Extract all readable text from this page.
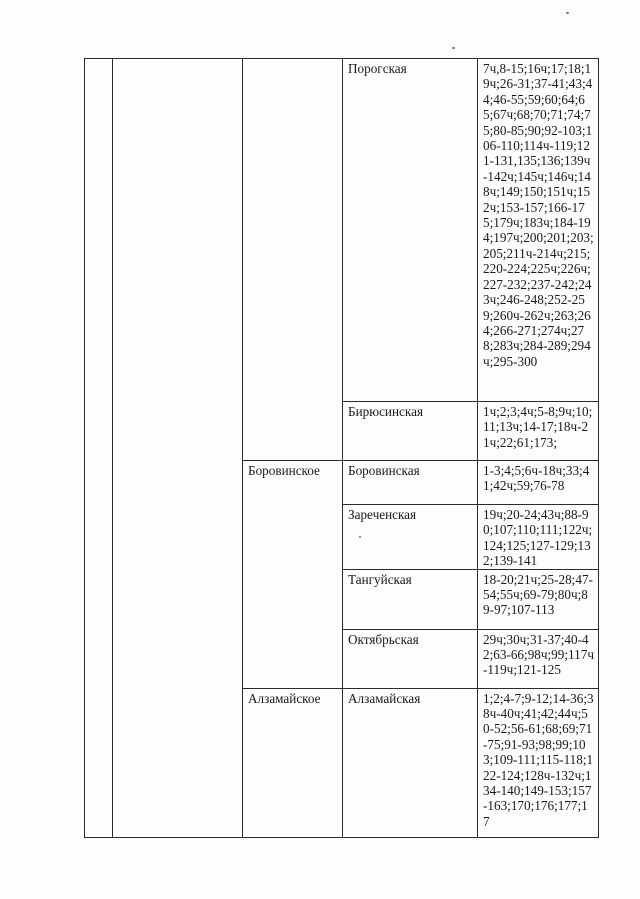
			Порогская	7ч,8-15;16ч;17;18;19ч;26-31;37-41;43;44;46-55;59;60;64;65;67ч;68;70;71;74;75;80-85;90;92-103;106-110;114ч-119;121-131,135;136;139ч-142ч;145ч;146ч;148ч;149;150;151ч;152ч;153-157;166-175;179ч;183ч;184-194;197ч;200;201;203;205;211ч-214ч;215;220-224;225ч;226ч;227-232;237-242;243ч;246-248;252-259;260ч-262ч;263;264;266-271;274ч;278;283ч;284-289;294ч;295-300

			Бирюсинская	1ч;2;3;4ч;5-8;9ч;10;11;13ч;14-17;18ч-21ч;22;61;173;

		Боровинское	Боровинская	1-3;4;5;6ч-18ч;33;41;42ч;59;76-78

			Зареченская	19ч;20-24;43ч;88-90;107;110;111;122ч;124;125;127-129;132;139-141

			Тангуйская	18-20;21ч;25-28;47-54;55ч;69-79;80ч;89-97;107-113

			Октябрьская	29ч;30ч;31-37;40-42;63-66;98ч;99;117ч-119ч;121-125

		Алзамайское	Алзамайская	1;2;4-7;9-12;14-36;38ч-40ч;41;42;44ч;50-52;56-61;68;69;71-75;91-93;98;99;103;109-111;115-118;122-124;128ч-132ч;134-140;149-153;157-163;170;176;177;17
